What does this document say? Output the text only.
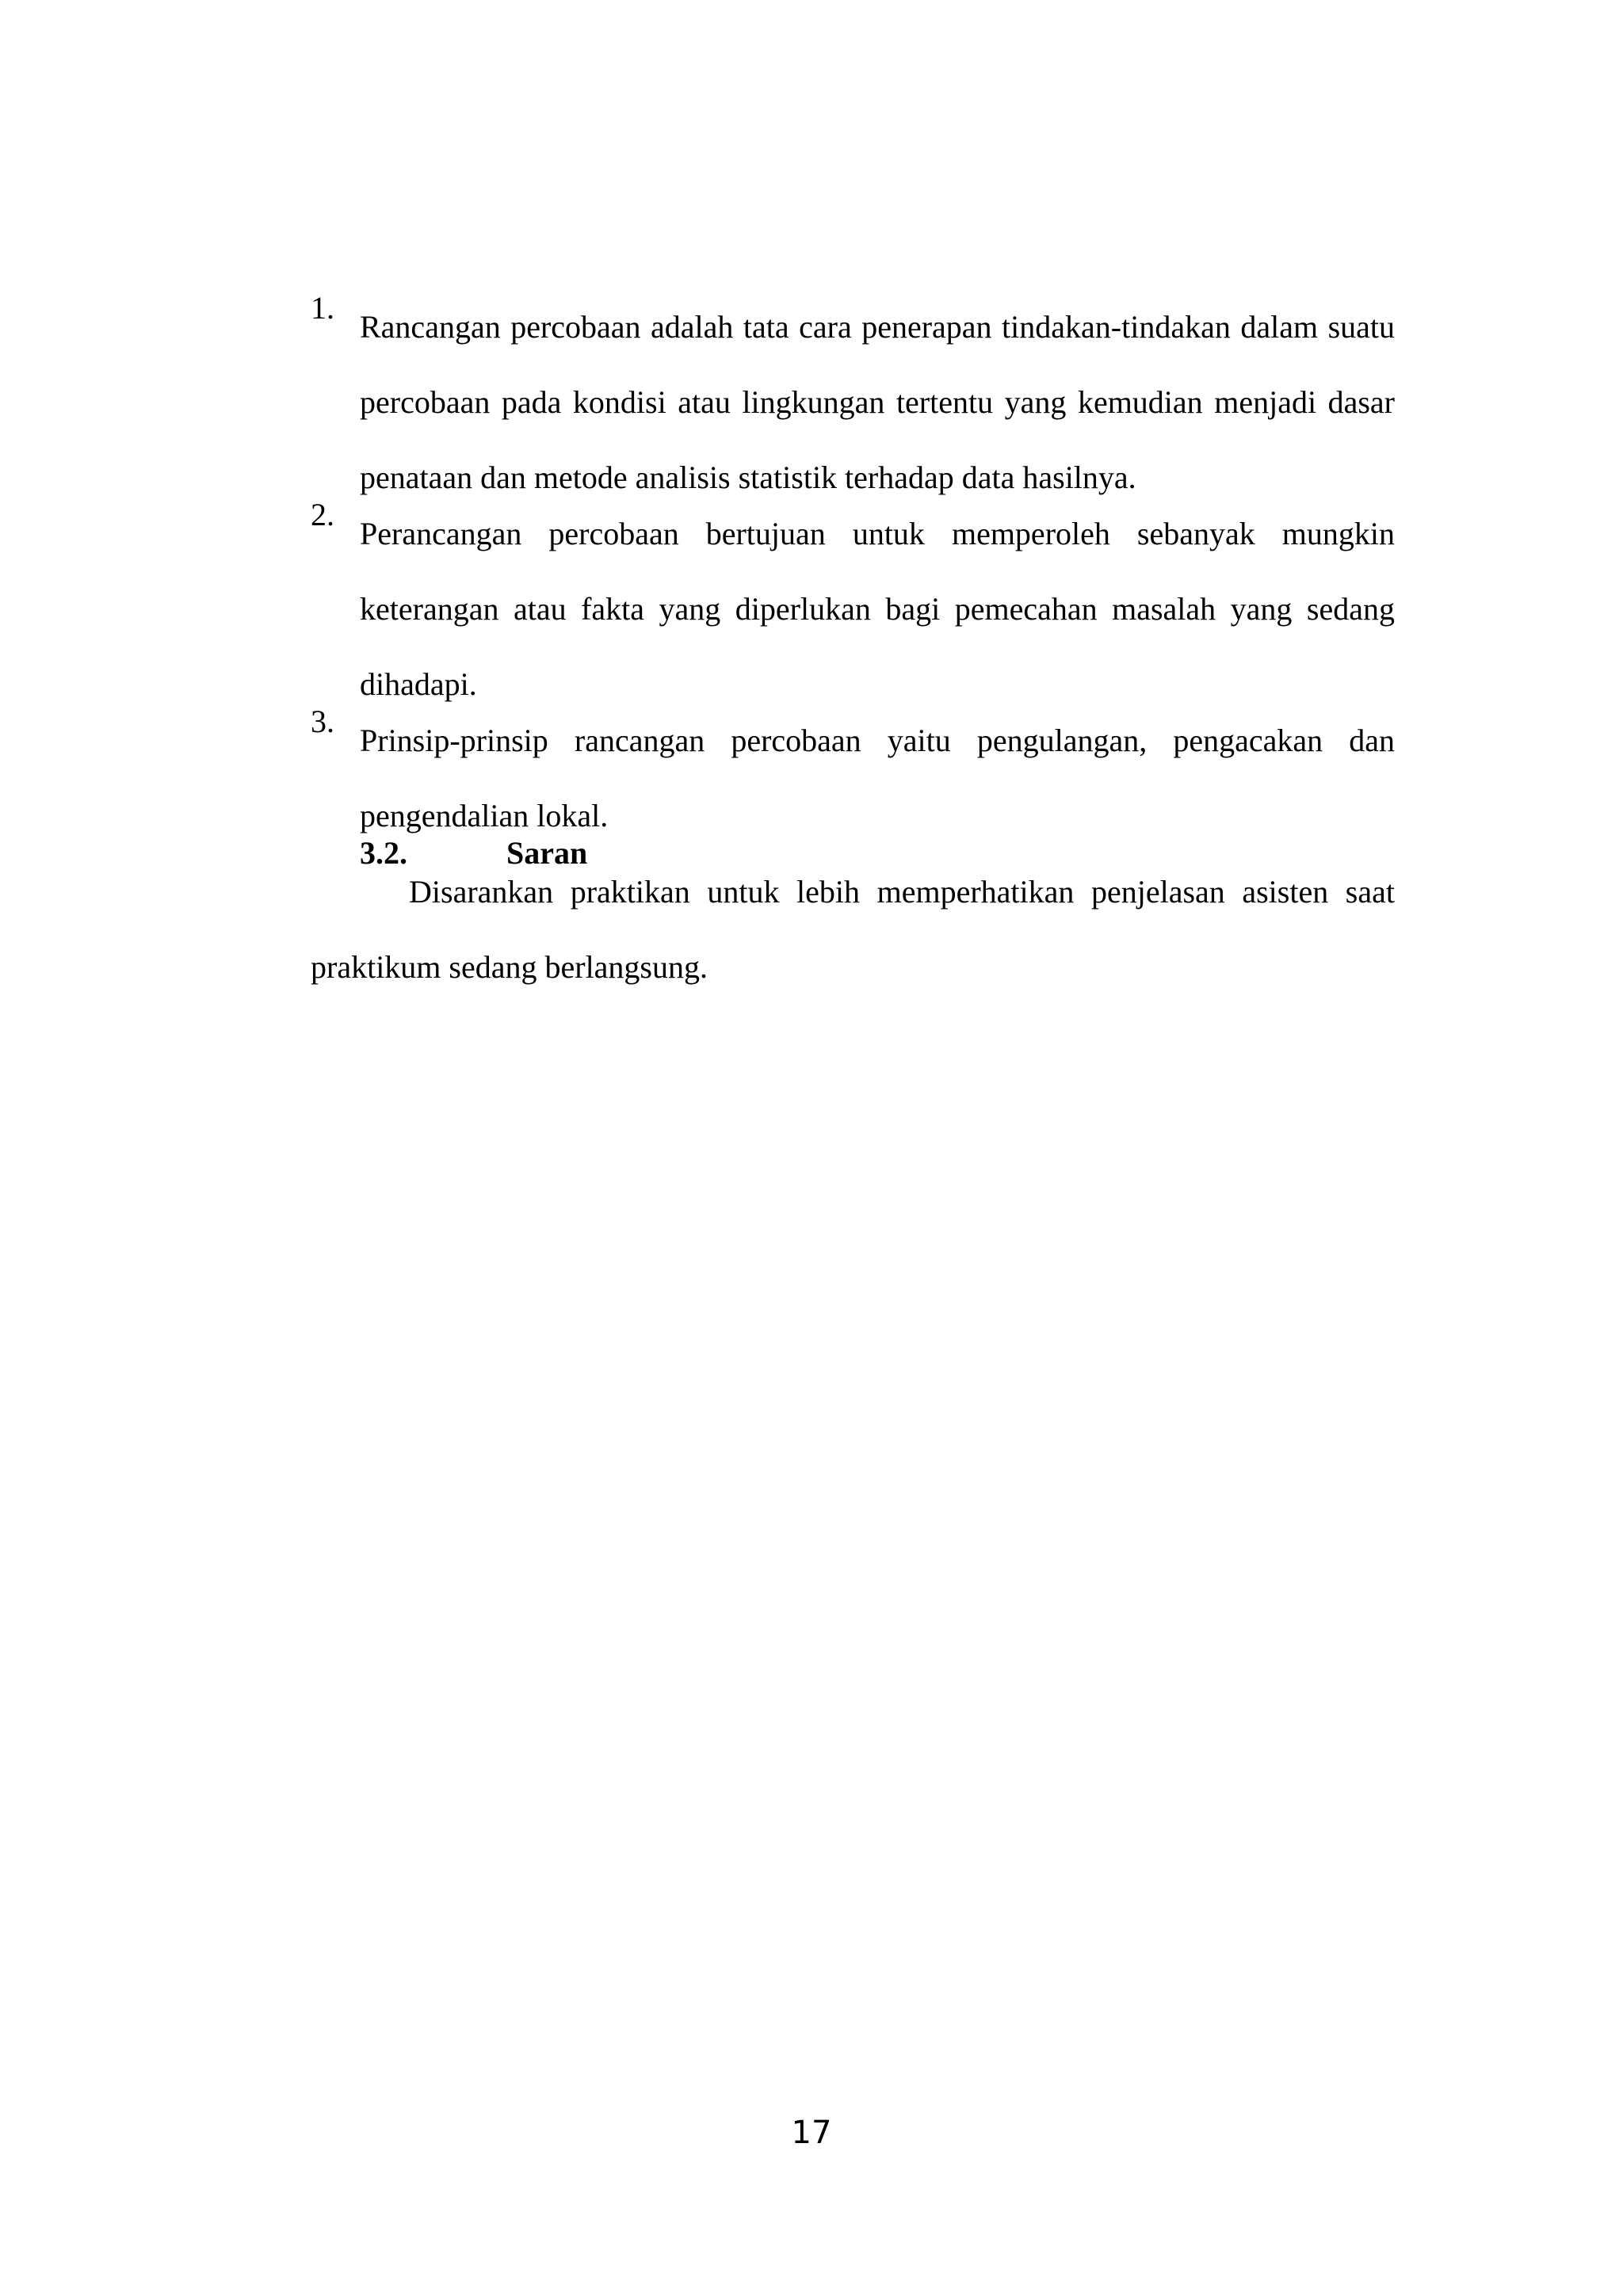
1.
Rancangan percobaan adalah tata cara penerapan tindakan-tindakan dalam suatu percobaan pada kondisi atau lingkungan tertentu yang kemudian menjadi dasar penataan dan metode analisis statistik terhadap data hasilnya.
2.
Perancangan percobaan bertujuan untuk memperoleh sebanyak mungkin keterangan atau fakta yang diperlukan bagi pemecahan masalah yang sedang dihadapi.
3.
Prinsip-prinsip rancangan percobaan yaitu pengulangan, pengacakan dan pengendalian lokal.
3.2.	Saran

Disarankan praktikan untuk lebih memperhatikan penjelasan asisten saat praktikum sedang berlangsung.

17
